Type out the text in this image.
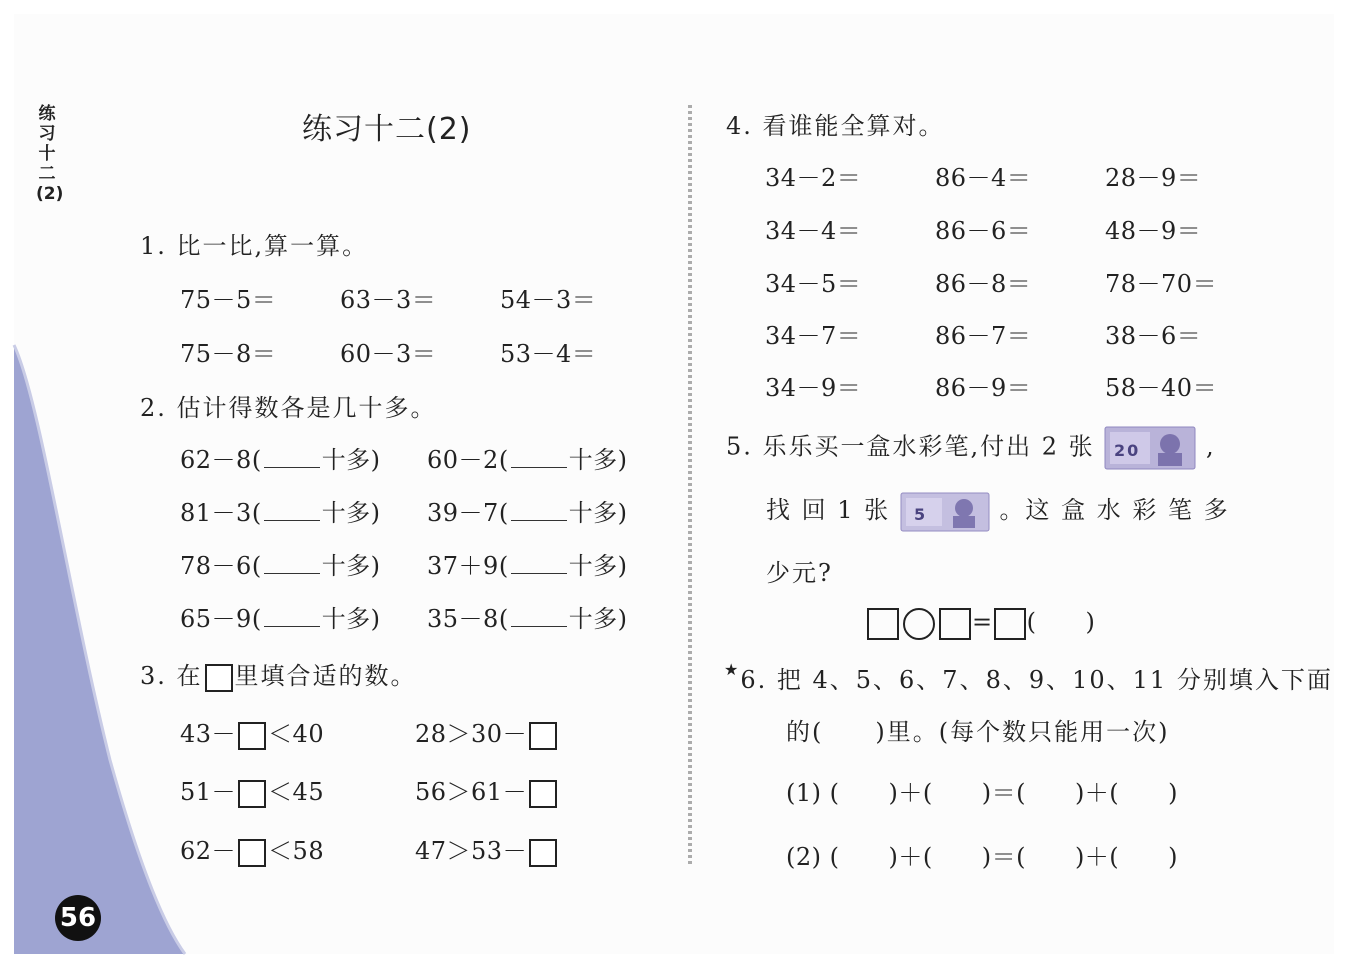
练习十二(2)
56
练习十二(2)
1. 比一比,算一算。
75－5＝	63－3＝	54－3＝
75－8＝	60－3＝	53－4＝
2. 估计得数各是几十多。
62－8(	十多) 60－2(	十多)
81－3(	十多) 39－7(	十多)
78－6(	十多) 37＋9(	十多)
65－9(	十多) 35－8(	十多)
3. 在 里填合适的数。
43－ ＜40	28＞30－
51－ ＜45	56＞61－
62－ ＜58	47＞53－
4. 看谁能全算对。
34－2＝	86－4＝	28－9＝
34－4＝	86－6＝	48－9＝
34－5＝	86－8＝	78－70＝
34－7＝	86－7＝	38－6＝
34－9＝	86－9＝	58－40＝
5. 乐乐买一盒水彩笔,付出 2 张 20	,
找 回 1 张 5	。这 盒 水 彩 笔 多
少元?
= (　　)
★6. 把 4、5、6、7、8、9、10、11 分别填入下面
的(　　)里。(每个数只能用一次)
(1) (　　)＋(　　)＝(　　)＋(　　)
(2) (　　)＋(　　)＝(　　)＋(　　)
